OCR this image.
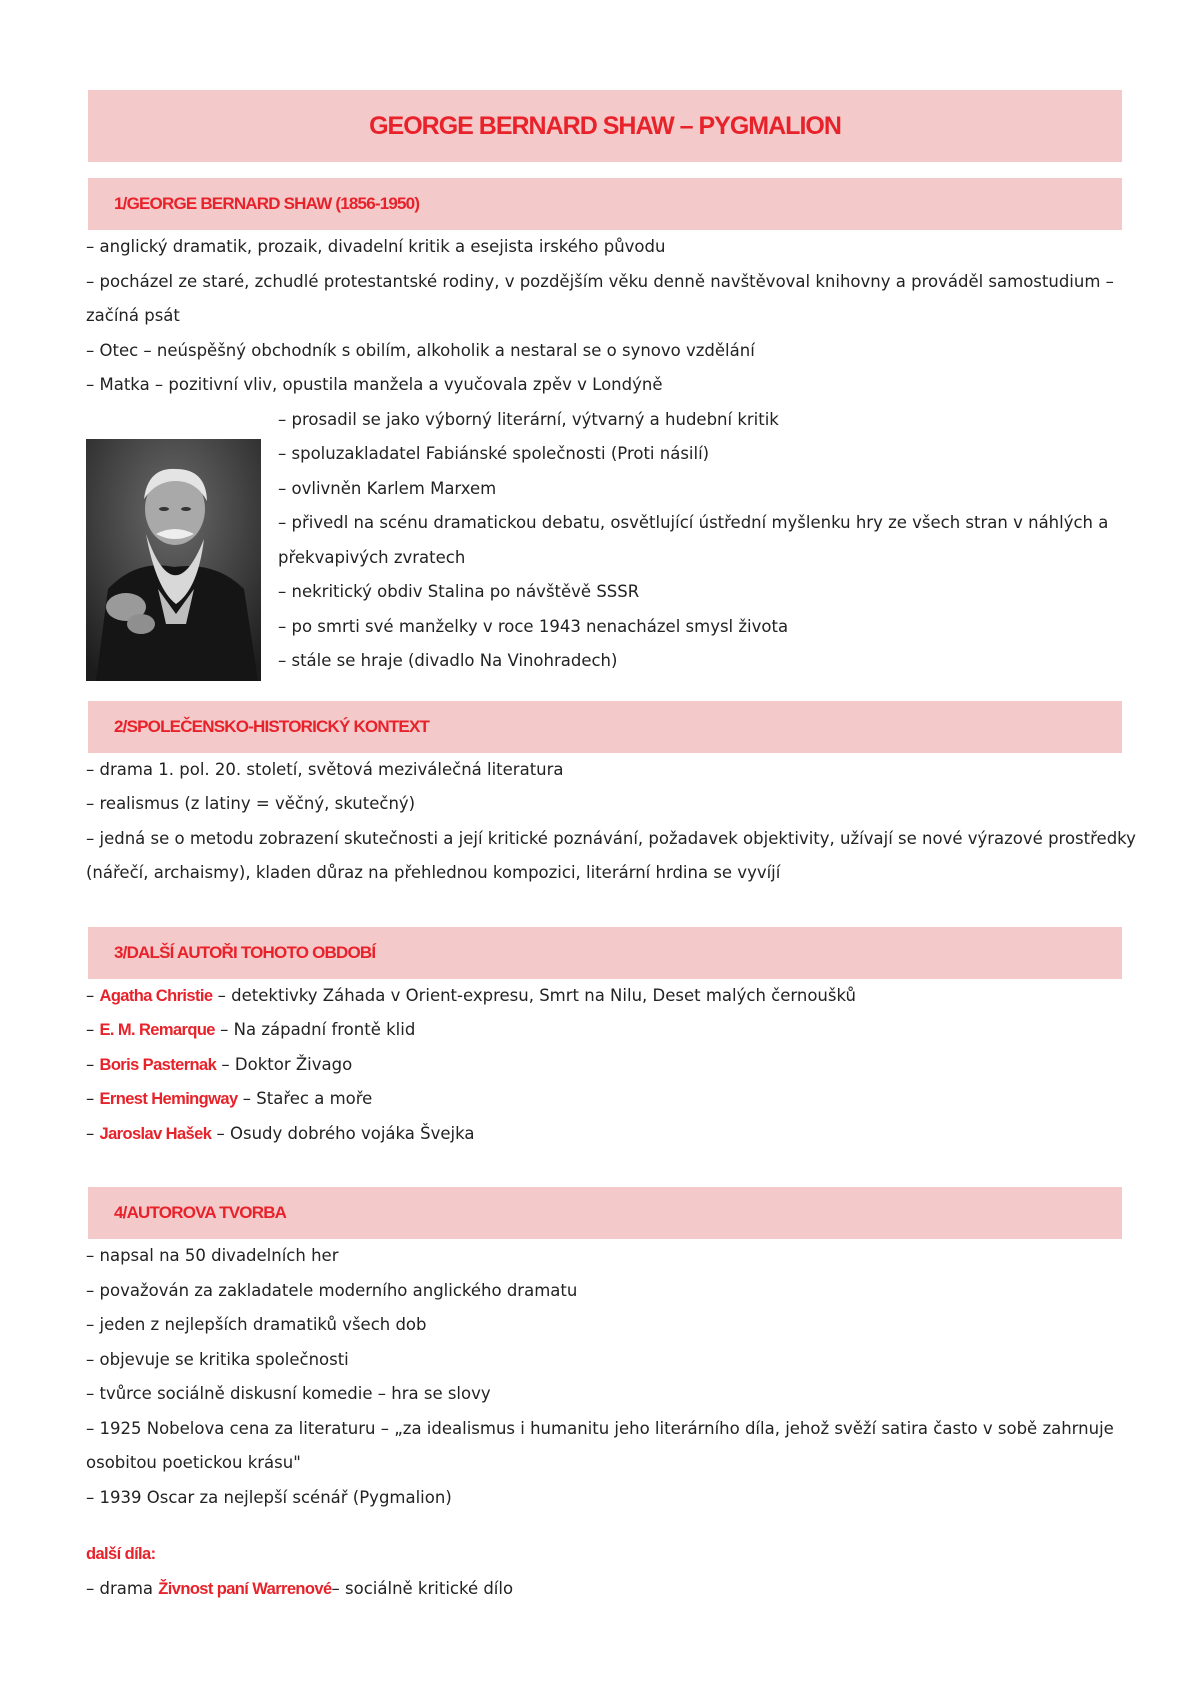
GEORGE BERNARD SHAW – PYGMALION
1/GEORGE BERNARD SHAW (1856-1950)

– anglický dramatik, prozaik, divadelní kritik a esejista irského původu

– pocházel ze staré, zchudlé protestantské rodiny, v pozdějším věku denně navštěvoval knihovny a prováděl samostudium –

začíná psát

– Otec – neúspěšný obchodník s obilím, alkoholik a nestaral se o synovo vzdělání

– Matka – pozitivní vliv, opustila manžela a vyučovala zpěv v Londýně

– prosadil se jako výborný literární, výtvarný a hudební kritik

– spoluzakladatel Fabiánské společnosti (Proti násilí)

– ovlivněn Karlem Marxem

– přivedl na scénu dramatickou debatu, osvětlující ústřední myšlenku hry ze všech stran v náhlých a překvapivých zvratech

– nekritický obdiv Stalina po návštěvě SSSR

– po smrti své manželky v roce 1943 nenacházel smysl života

– stále se hraje (divadlo Na Vinohradech)

2/SPOLEČENSKO-HISTORICKÝ KONTEXT

– drama 1. pol. 20. století, světová meziválečná literatura

– realismus (z latiny = věčný, skutečný)

– jedná se o metodu zobrazení skutečnosti a její kritické poznávání, požadavek objektivity, užívají se nové výrazové prostředky

(nářečí, archaismy), kladen důraz na přehlednou kompozici, literární hrdina se vyvíjí

3/DALŠÍ AUTOŘI TOHOTO OBDOBÍ

– Agatha Christie – detektivky Záhada v Orient-expresu, Smrt na Nilu, Deset malých černoušků

– E. M. Remarque – Na západní frontě klid

– Boris Pasternak – Doktor Živago

– Ernest Hemingway – Stařec a moře

– Jaroslav Hašek – Osudy dobrého vojáka Švejka

4/AUTOROVA TVORBA

– napsal na 50 divadelních her

– považován za zakladatele moderního anglického dramatu

– jeden z nejlepších dramatiků všech dob

– objevuje se kritika společnosti

– tvůrce sociálně diskusní komedie – hra se slovy

– 1925 Nobelova cena za literaturu – „za idealismus i humanitu jeho literárního díla, jehož svěží satira často v sobě zahrnuje

osobitou poetickou krásu"

– 1939 Oscar za nejlepší scénář (Pygmalion)

další díla:

– drama Živnost paní Warrenové– sociálně kritické dílo
